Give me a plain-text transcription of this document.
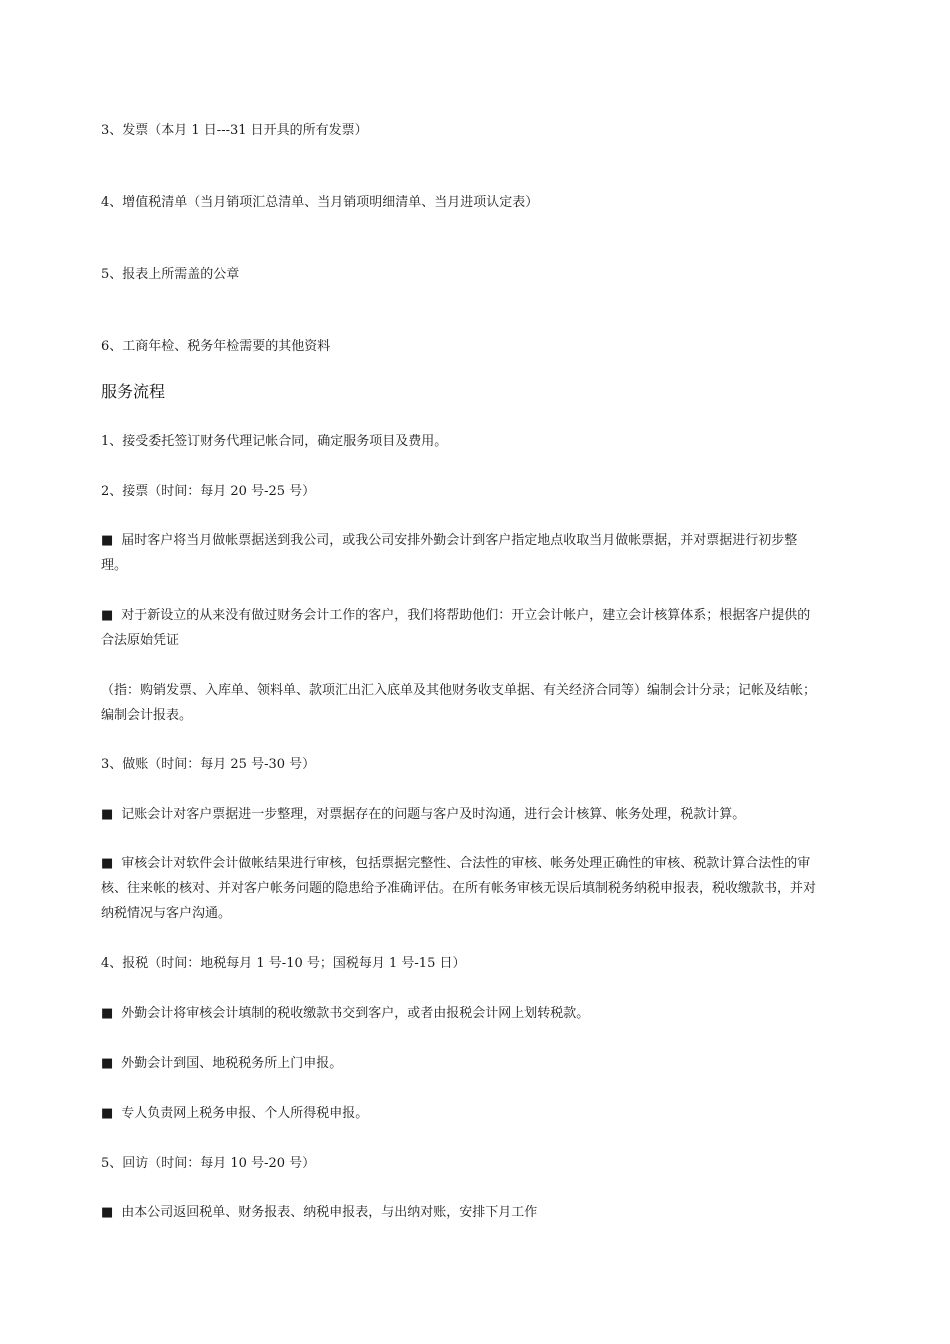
3、发票（本月 1 日---31 日开具的所有发票）
4、增值税清单（当月销项汇总清单、当月销项明细清单、当月进项认定表）
5、报表上所需盖的公章
6、工商年检、税务年检需要的其他资料
服务流程
1、接受委托签订财务代理记帐合同，确定服务项目及费用。
2、接票（时间：每月 20 号-25 号）
■ 届时客户将当月做帐票据送到我公司，或我公司安排外勤会计到客户指定地点收取当月做帐票据，并对票据进行初步整理。
■ 对于新设立的从来没有做过财务会计工作的客户，我们将帮助他们：开立会计帐户，建立会计核算体系；根据客户提供的合法原始凭证
（指：购销发票、入库单、领料单、款项汇出汇入底单及其他财务收支单据、有关经济合同等）编制会计分录；记帐及结帐；编制会计报表。
3、做账（时间：每月 25 号-30 号）
■ 记账会计对客户票据进一步整理，对票据存在的问题与客户及时沟通，进行会计核算、帐务处理，税款计算。
■ 审核会计对软件会计做帐结果进行审核，包括票据完整性、合法性的审核、帐务处理正确性的审核、税款计算合法性的审核、往来帐的核对、并对客户帐务问题的隐患给予准确评估。在所有帐务审核无误后填制税务纳税申报表，税收缴款书，并对纳税情况与客户沟通。
4、报税（时间：地税每月 1 号-10 号；国税每月 1 号-15 日）
■ 外勤会计将审核会计填制的税收缴款书交到客户，或者由报税会计网上划转税款。
■ 外勤会计到国、地税税务所上门申报。
■ 专人负责网上税务申报、个人所得税申报。
5、回访（时间：每月 10 号-20 号）
■ 由本公司返回税单、财务报表、纳税申报表，与出纳对账，安排下月工作
